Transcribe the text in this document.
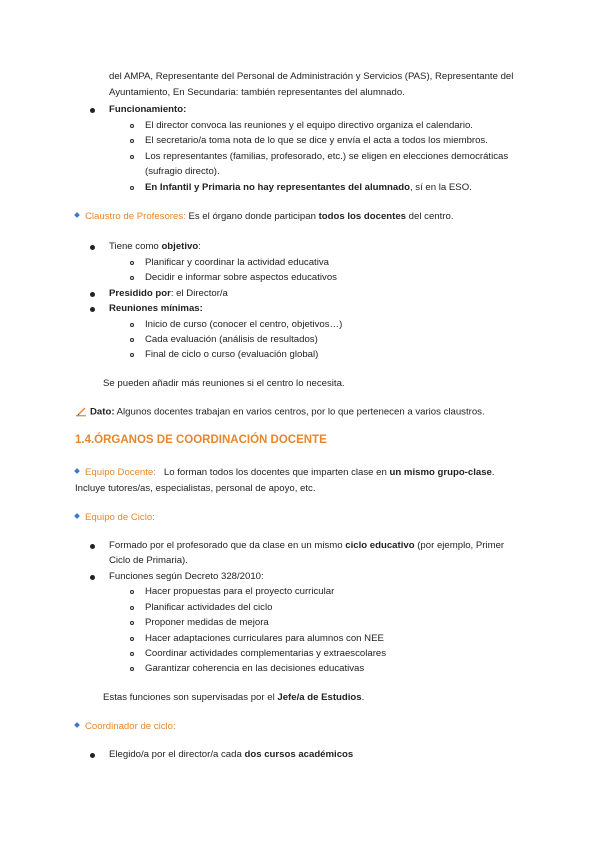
del AMPA, Representante del Personal de Administración y Servicios (PAS), Representante del
Ayuntamiento, En Secundaria: también representantes del alumnado.
Funcionamiento:
El director convoca las reuniones y el equipo directivo organiza el calendario.
El secretario/a toma nota de lo que se dice y envía el acta a todos los miembros.
Los representantes (familias, profesorado, etc.) se eligen en elecciones democráticas
(sufragio directo).
En Infantil y Primaria no hay representantes del alumnado, sí en la ESO.
Claustro de Profesores: Es el órgano donde participan todos los docentes del centro.
Tiene como objetivo:
Planificar y coordinar la actividad educativa
Decidir e informar sobre aspectos educativos
Presidido por: el Director/a
Reuniones mínimas:
Inicio de curso (conocer el centro, objetivos…)
Cada evaluación (análisis de resultados)
Final de ciclo o curso (evaluación global)
Se pueden añadir más reuniones si el centro lo necesita.
Dato: Algunos docentes trabajan en varios centros, por lo que pertenecen a varios claustros.
1.4.ÓRGANOS DE COORDINACIÓN DOCENTE
Equipo Docente:   Lo forman todos los docentes que imparten clase en un mismo grupo-clase.
Incluye tutores/as, especialistas, personal de apoyo, etc.
Equipo de Ciclo:
Formado por el profesorado que da clase en un mismo ciclo educativo (por ejemplo, Primer
Ciclo de Primaria).
Funciones según Decreto 328/2010:
Hacer propuestas para el proyecto curricular
Planificar actividades del ciclo
Proponer medidas de mejora
Hacer adaptaciones curriculares para alumnos con NEE
Coordinar actividades complementarias y extraescolares
Garantizar coherencia en las decisiones educativas
Estas funciones son supervisadas por el Jefe/a de Estudios.
Coordinador de ciclo:
Elegido/a por el director/a cada dos cursos académicos
